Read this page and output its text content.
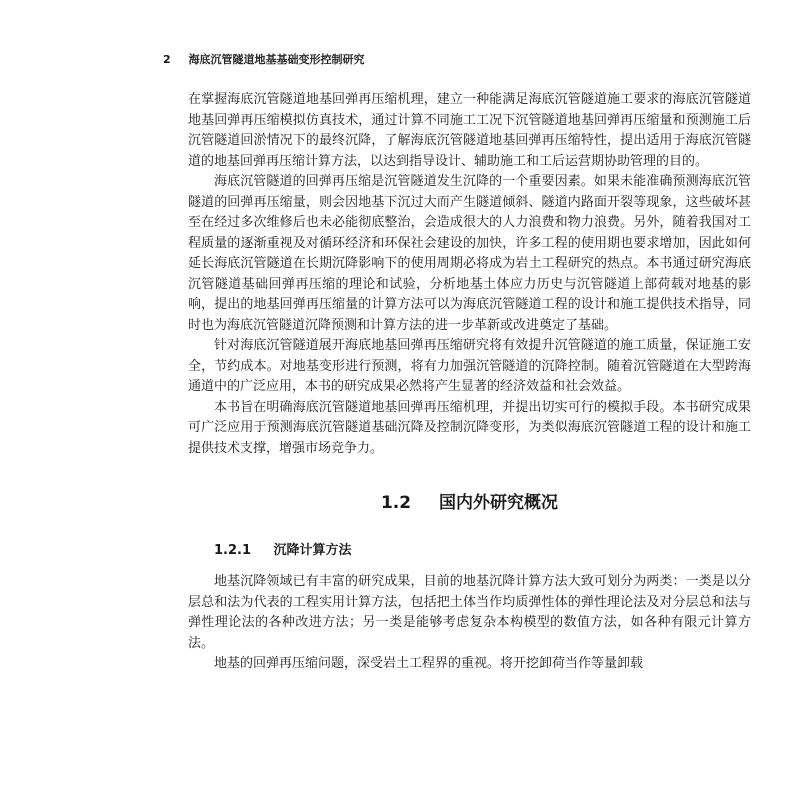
2 海底沉管隧道地基基础变形控制研究

在掌握海底沉管隧道地基回弹再压缩机理，建立一种能满足海底沉管隧道施工要求的海底沉管隧道地基回弹再压缩模拟仿真技术，通过计算不同施工工况下沉管隧道地基回弹再压缩量和预测施工后沉管隧道回淤情况下的最终沉降，了解海底沉管隧道地基回弹再压缩特性，提出适用于海底沉管隧道的地基回弹再压缩计算方法，以达到指导设计、辅助施工和工后运营期协助管理的目的。

海底沉管隧道的回弹再压缩是沉管隧道发生沉降的一个重要因素。如果未能准确预测海底沉管隧道的回弹再压缩量，则会因地基下沉过大而产生隧道倾斜、隧道内路面开裂等现象，这些破坏甚至在经过多次维修后也未必能彻底整治，会造成很大的人力浪费和物力浪费。另外，随着我国对工程质量的逐渐重视及对循环经济和环保社会建设的加快，许多工程的使用期也要求增加，因此如何延长海底沉管隧道在长期沉降影响下的使用周期必将成为岩土工程研究的热点。本书通过研究海底沉管隧道基础回弹再压缩的理论和试验，分析地基土体应力历史与沉管隧道上部荷载对地基的影响，提出的地基回弹再压缩量的计算方法可以为海底沉管隧道工程的设计和施工提供技术指导，同时也为海底沉管隧道沉降预测和计算方法的进一步革新或改进奠定了基础。

针对海底沉管隧道展开海底地基回弹再压缩研究将有效提升沉管隧道的施工质量，保证施工安全，节约成本。对地基变形进行预测，将有力加强沉管隧道的沉降控制。随着沉管隧道在大型跨海通道中的广泛应用，本书的研究成果必然将产生显著的经济效益和社会效益。

本书旨在明确海底沉管隧道地基回弹再压缩机理，并提出切实可行的模拟手段。本书研究成果可广泛应用于预测海底沉管隧道基础沉降及控制沉降变形，为类似海底沉管隧道工程的设计和施工提供技术支撑，增强市场竞争力。

1.2 国内外研究概况
1.2.1 沉降计算方法

地基沉降领域已有丰富的研究成果，目前的地基沉降计算方法大致可划分为两类：一类是以分层总和法为代表的工程实用计算方法，包括把土体当作均质弹性体的弹性理论法及对分层总和法与弹性理论法的各种改进方法；另一类是能够考虑复杂本构模型的数值方法，如各种有限元计算方法。

地基的回弹再压缩问题，深受岩土工程界的重视。将开挖卸荷当作等量卸载
